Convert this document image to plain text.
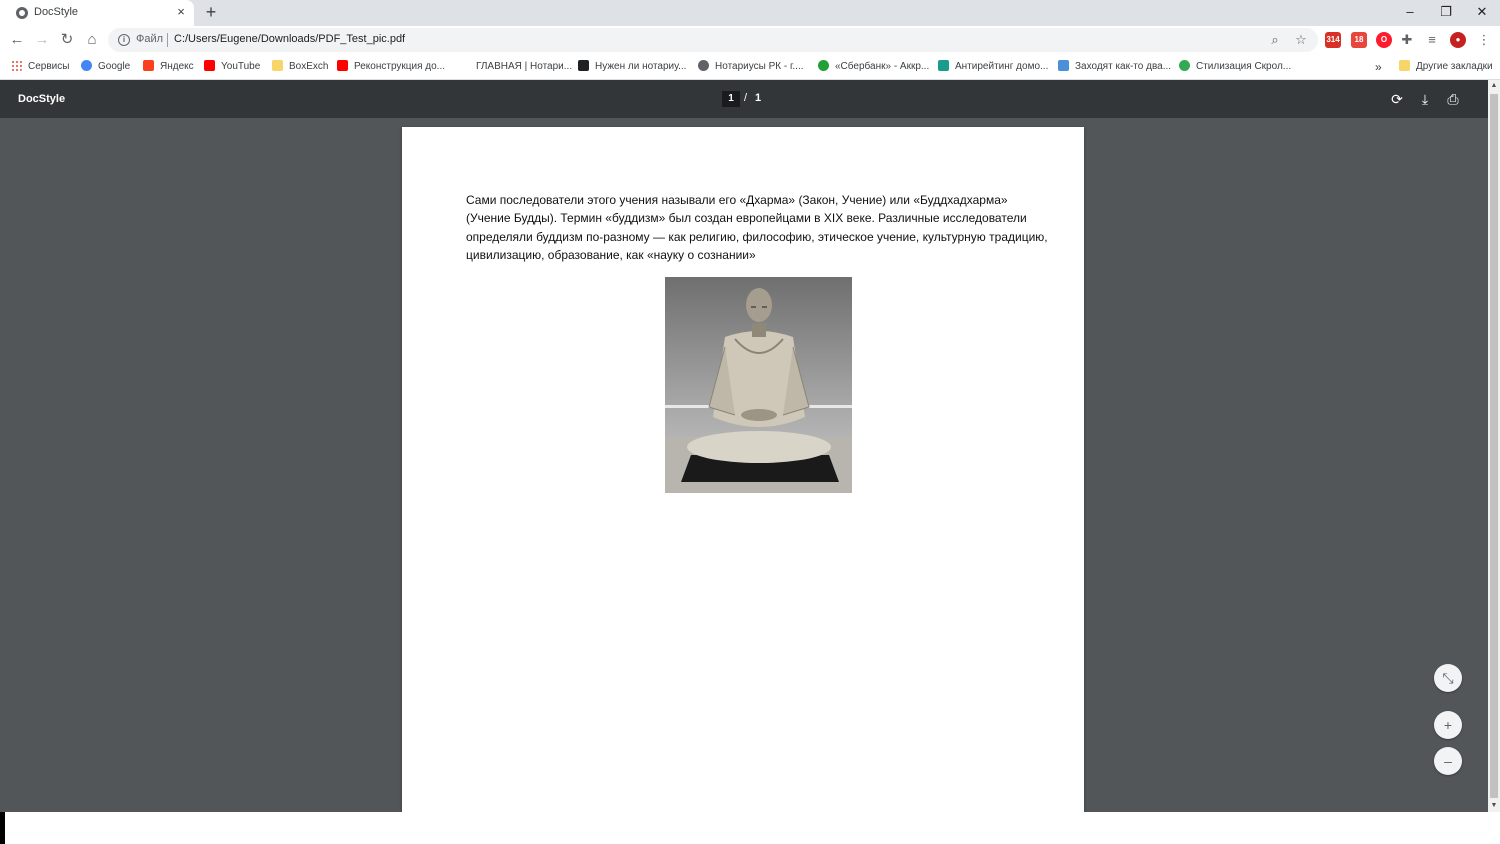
DocStyle	× +	–	❐	✕
← → ↻ ⌂	i Файл C:/Users/Eugene/Downloads/PDF_Test_pic.pdf	⌕	☆	314	18	O	✚	≡	●	⋮
Сервисы	Google	Яндекс	YouTube	BoxExch	Реконструкция до...	ГЛАВНАЯ | Нотари...	Нужен ли нотариу...	Нотариусы РК - г....	«Сбербанк» - Аккр...	Антирейтинг домо...	Заходят как-то два...	Стилизация Скрол...	»	Другие закладки
DocStyle	1 / 1	⟳	⤓	⎙
Сами последователи этого учения называли его «Дхарма» (Закон, Учение) или «Буддхадхарма» (Учение Будды). Термин «буддизм» был создан европейцами в XIX веке. Различные исследователи определяли буддизм по-разному — как религию, философию, этическое учение, культурную традицию, цивилизацию, образование, как «науку о сознании»
⤡
+
–
▲
▼
